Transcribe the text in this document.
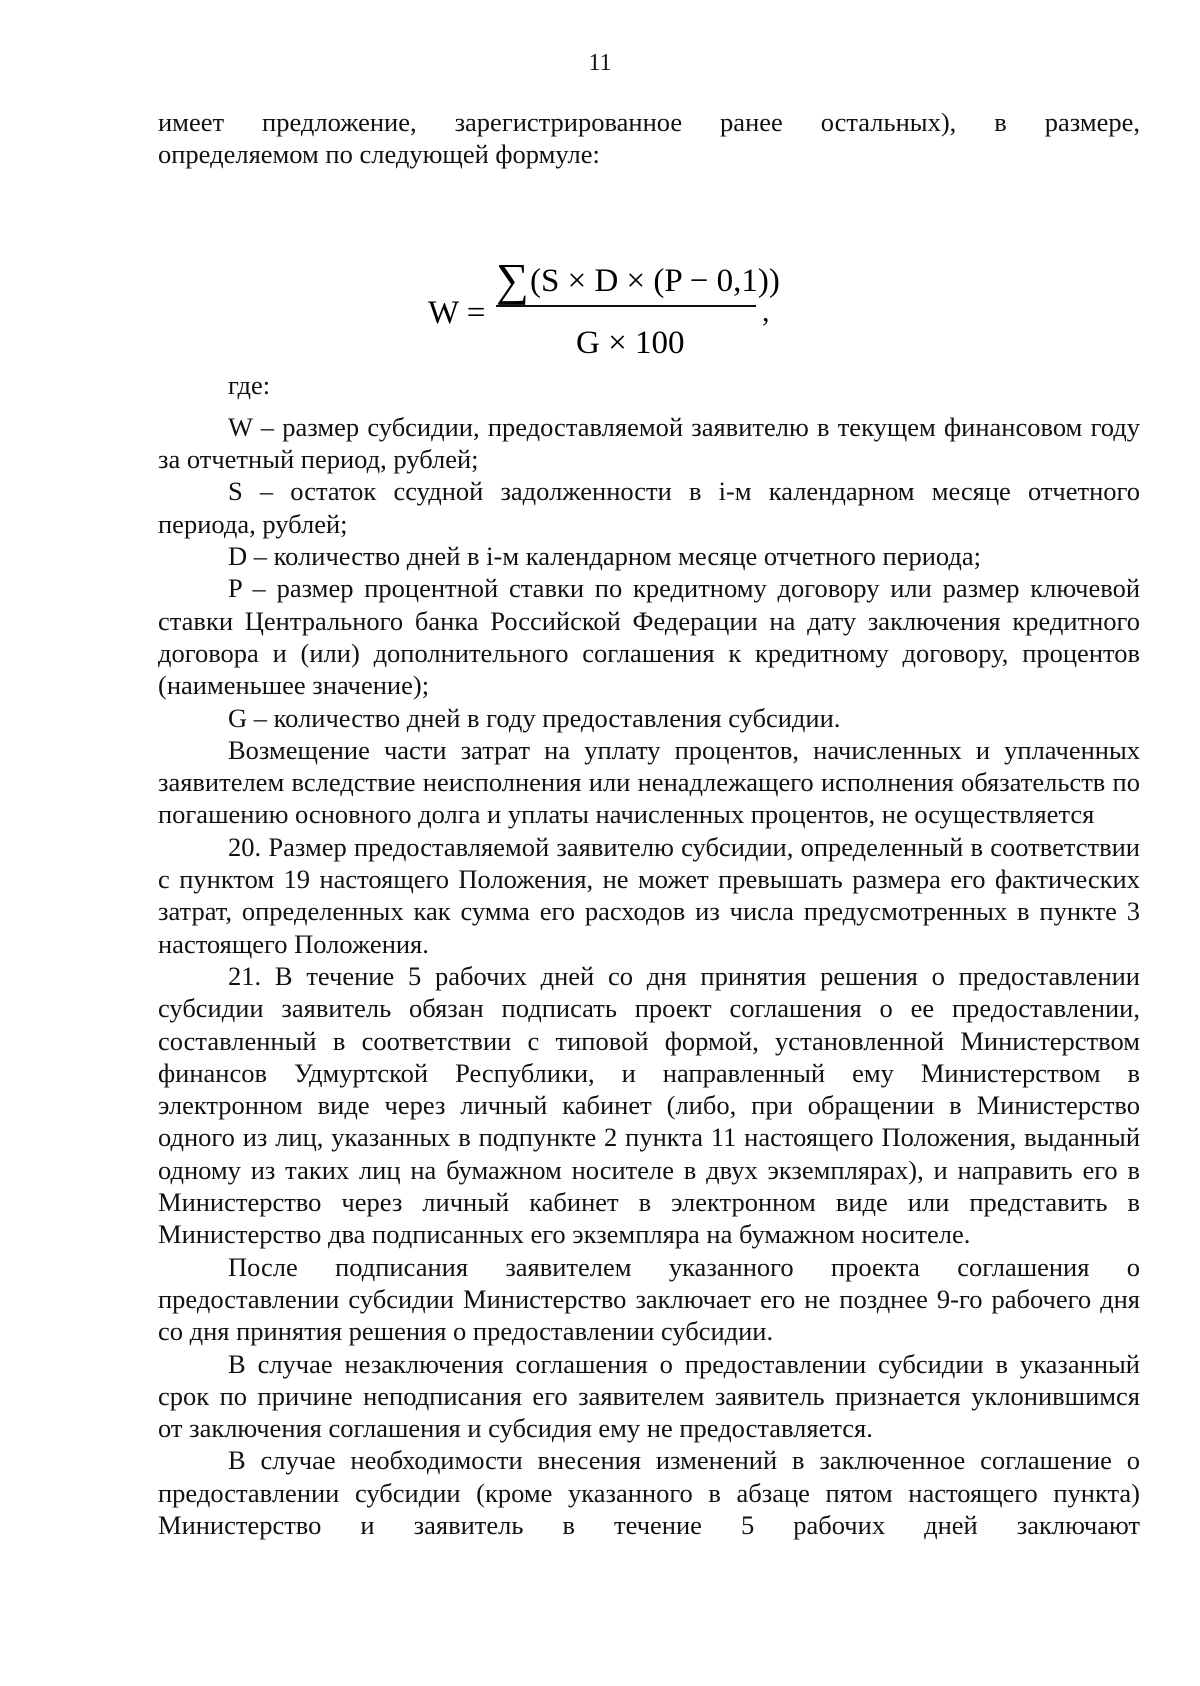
11

имеет предложение, зарегистрированное ранее остальных), в размере,

определяемом по следующей формуле:

W =
∑ (S × D × (P − 0,1))
G × 100
,

где:

W – размер субсидии, предоставляемой заявителю в текущем финансовом году за отчетный период, рублей;

S – остаток ссудной задолженности в i-м календарном месяце отчетного периода, рублей;

D – количество дней в i-м календарном месяце отчетного периода;

P – размер процентной ставки по кредитному договору или размер ключевой ставки Центрального банка Российской Федерации на дату заключения кредитного договора и (или) дополнительного соглашения к кредитному договору, процентов (наименьшее значение);

G – количество дней в году предоставления субсидии.

Возмещение части затрат на уплату процентов, начисленных и уплаченных заявителем вследствие неисполнения или ненадлежащего исполнения обязательств по погашению основного долга и уплаты начисленных процентов, не осуществляется

20. Размер предоставляемой заявителю субсидии, определенный в соответствии с пунктом 19 настоящего Положения, не может превышать размера его фактических затрат, определенных как сумма его расходов из числа предусмотренных в пункте 3 настоящего Положения.

21. В течение 5 рабочих дней со дня принятия решения о предоставлении субсидии заявитель обязан подписать проект соглашения о ее предоставлении, составленный в соответствии с типовой формой, установленной Министерством финансов Удмуртской Республики, и направленный ему Министерством в электронном виде через личный кабинет (либо, при обращении в Министерство одного из лиц, указанных в подпункте 2 пункта 11 настоящего Положения, выданный одному из таких лиц на бумажном носителе в двух экземплярах), и направить его в Министерство через личный кабинет в электронном виде или представить в Министерство два подписанных его экземпляра на бумажном носителе.

После подписания заявителем указанного проекта соглашения о предоставлении субсидии Министерство заключает его не позднее 9-го рабочего дня со дня принятия решения о предоставлении субсидии.

В случае незаключения соглашения о предоставлении субсидии в указанный срок по причине неподписания его заявителем заявитель признается уклонившимся от заключения соглашения и субсидия ему не предоставляется.

В случае необходимости внесения изменений в заключенное соглашение о предоставлении субсидии (кроме указанного в абзаце пятом настоящего пункта) Министерство и заявитель в течение 5 рабочих дней заключают
